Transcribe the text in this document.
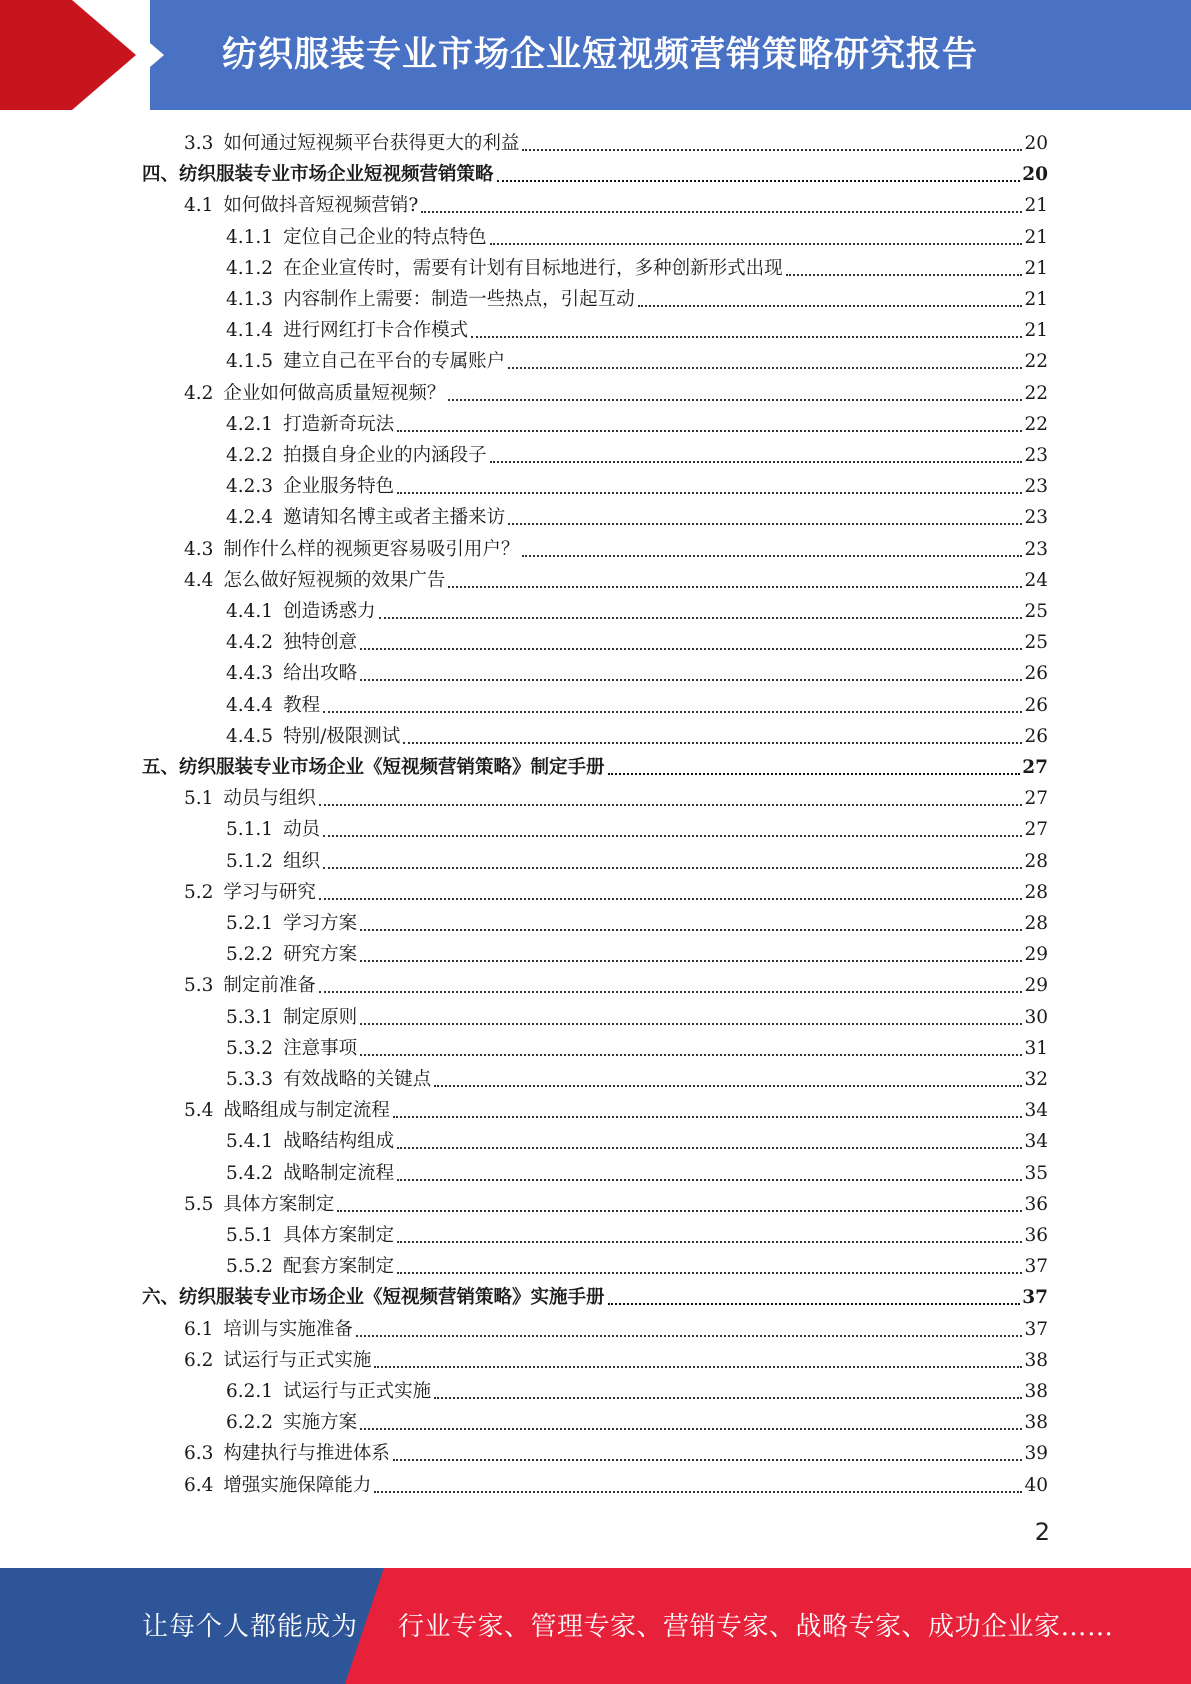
纺织服装专业市场企业短视频营销策略研究报告
3.3 如何通过短视频平台获得更大的利益	20
四、纺织服装专业市场企业短视频营销策略	20
4.1 如何做抖音短视频营销?	21
4.1.1 定位自己企业的特点特色	21
4.1.2 在企业宣传时，需要有计划有目标地进行，多种创新形式出现	21
4.1.3 内容制作上需要：制造一些热点，引起互动	21
4.1.4 进行网红打卡合作模式	21
4.1.5 建立自己在平台的专属账户	22
4.2 企业如何做高质量短视频？	22
4.2.1 打造新奇玩法	22
4.2.2 拍摄自身企业的内涵段子	23
4.2.3 企业服务特色	23
4.2.4 邀请知名博主或者主播来访	23
4.3 制作什么样的视频更容易吸引用户？	23
4.4 怎么做好短视频的效果广告	24
4.4.1 创造诱惑力	25
4.4.2 独特创意	25
4.4.3 给出攻略	26
4.4.4 教程	26
4.4.5 特别/极限测试	26
五、纺织服装专业市场企业《短视频营销策略》制定手册	27
5.1 动员与组织	27
5.1.1 动员	27
5.1.2 组织	28
5.2 学习与研究	28
5.2.1 学习方案	28
5.2.2 研究方案	29
5.3 制定前准备	29
5.3.1 制定原则	30
5.3.2 注意事项	31
5.3.3 有效战略的关键点	32
5.4 战略组成与制定流程	34
5.4.1 战略结构组成	34
5.4.2 战略制定流程	35
5.5 具体方案制定	36
5.5.1 具体方案制定	36
5.5.2 配套方案制定	37
六、纺织服装专业市场企业《短视频营销策略》实施手册	37
6.1 培训与实施准备	37
6.2 试运行与正式实施	38
6.2.1 试运行与正式实施	38
6.2.2 实施方案	38
6.3 构建执行与推进体系	39
6.4 增强实施保障能力	40
2
让每个人都能成为 行业专家、管理专家、营销专家、战略专家、成功企业家……
